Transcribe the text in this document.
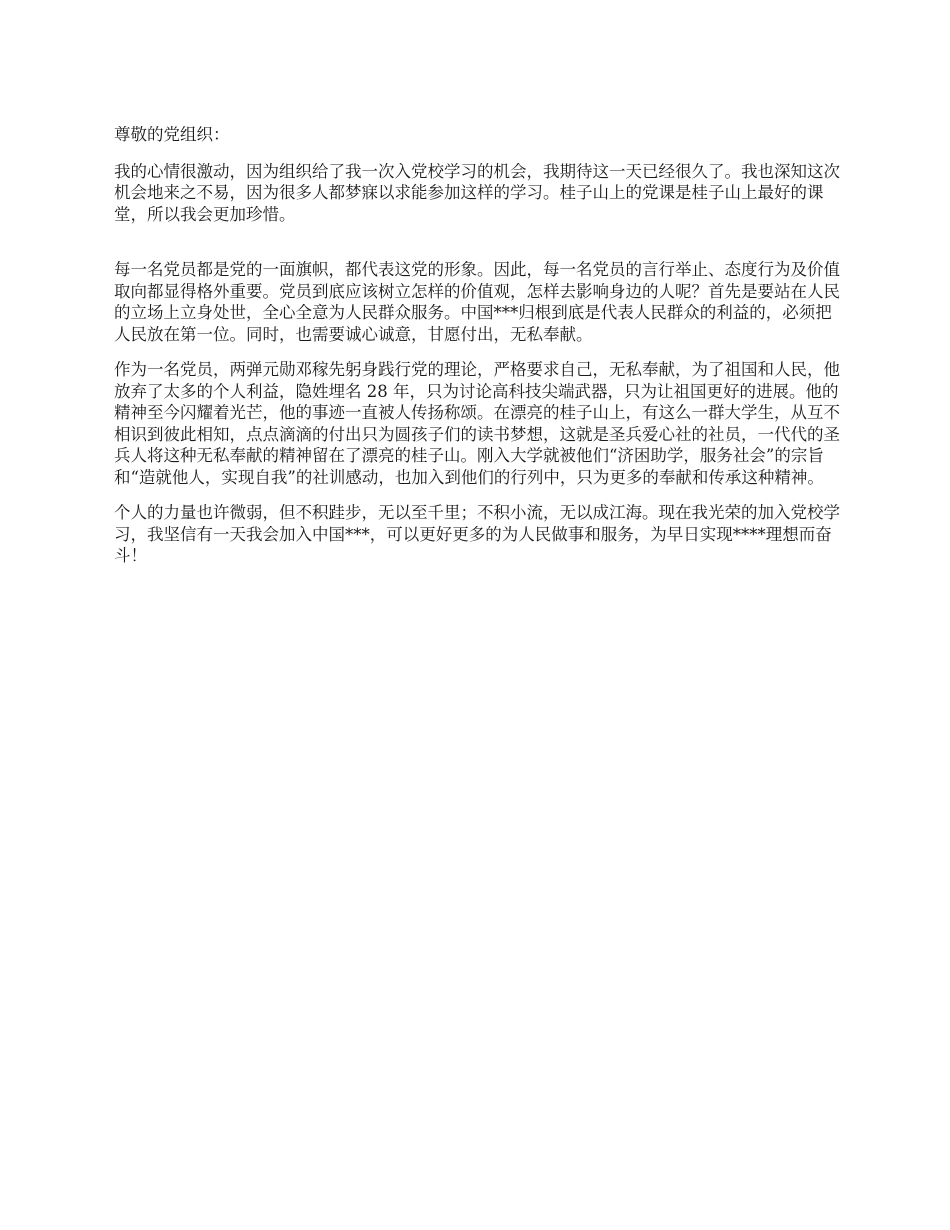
尊敬的党组织：

我的心情很激动，因为组织给了我一次入党校学习的机会，我期待这一天已经很久了。我也深知这次机会地来之不易，因为很多人都梦寐以求能参加这样的学习。桂子山上的党课是桂子山上最好的课堂，所以我会更加珍惜。

每一名党员都是党的一面旗帜，都代表这党的形象。因此，每一名党员的言行举止、态度行为及价值取向都显得格外重要。党员到底应该树立怎样的价值观，怎样去影响身边的人呢？首先是要站在人民的立场上立身处世，全心全意为人民群众服务。中国***归根到底是代表人民群众的利益的，必须把人民放在第一位。同时，也需要诚心诚意，甘愿付出，无私奉献。

作为一名党员，两弹元勋邓稼先躬身践行党的理论，严格要求自己，无私奉献，为了祖国和人民，他放弃了太多的个人利益，隐姓埋名 28 年，只为讨论高科技尖端武器，只为让祖国更好的进展。他的精神至今闪耀着光芒，他的事迹一直被人传扬称颂。在漂亮的桂子山上，有这么一群大学生，从互不相识到彼此相知，点点滴滴的付出只为圆孩子们的读书梦想，这就是圣兵爱心社的社员，一代代的圣兵人将这种无私奉献的精神留在了漂亮的桂子山。刚入大学就被他们“济困助学，服务社会”的宗旨和“造就他人，实现自我”的社训感动，也加入到他们的行列中，只为更多的奉献和传承这种精神。

个人的力量也许微弱，但不积跬步，无以至千里；不积小流，无以成江海。现在我光荣的加入党校学习，我坚信有一天我会加入中国***，可以更好更多的为人民做事和服务，为早日实现****理想而奋斗！
